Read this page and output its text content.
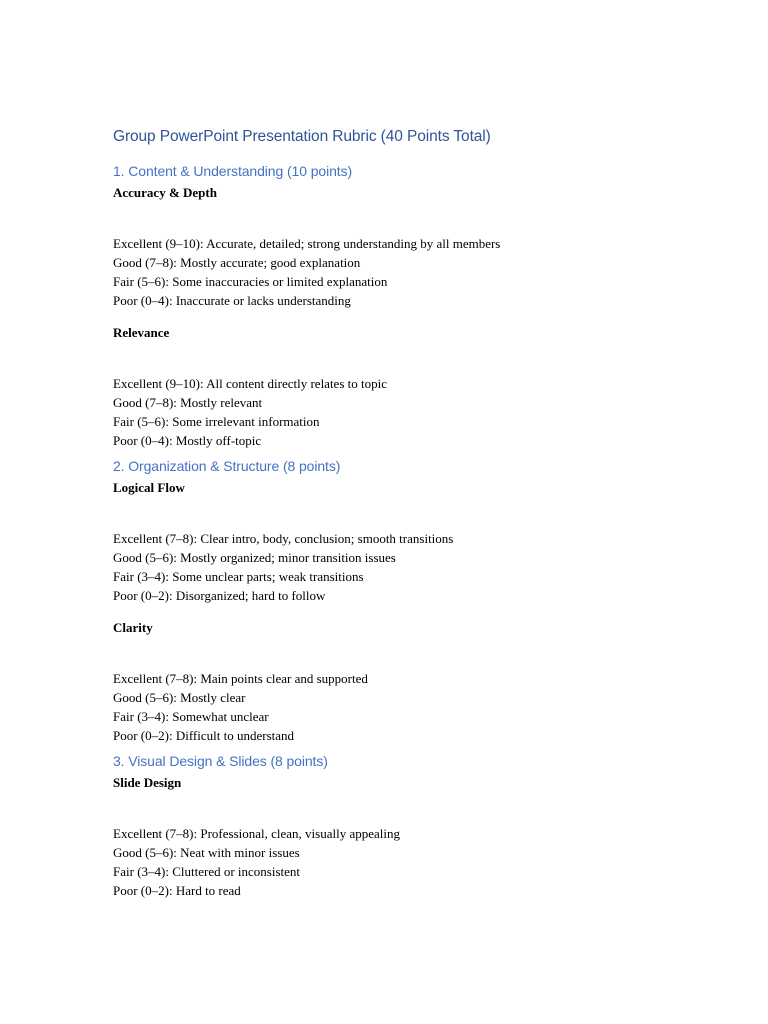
Group PowerPoint Presentation Rubric (40 Points Total)
1. Content & Understanding (10 points)

Accuracy & Depth

Excellent (9–10): Accurate, detailed; strong understanding by all members
Good (7–8): Mostly accurate; good explanation
Fair (5–6): Some inaccuracies or limited explanation
Poor (0–4): Inaccurate or lacks understanding

Relevance

Excellent (9–10): All content directly relates to topic
Good (7–8): Mostly relevant
Fair (5–6): Some irrelevant information
Poor (0–4): Mostly off-topic
2. Organization & Structure (8 points)

Logical Flow

Excellent (7–8): Clear intro, body, conclusion; smooth transitions
Good (5–6): Mostly organized; minor transition issues
Fair (3–4): Some unclear parts; weak transitions
Poor (0–2): Disorganized; hard to follow

Clarity

Excellent (7–8): Main points clear and supported
Good (5–6): Mostly clear
Fair (3–4): Somewhat unclear
Poor (0–2): Difficult to understand
3. Visual Design & Slides (8 points)

Slide Design

Excellent (7–8): Professional, clean, visually appealing
Good (5–6): Neat with minor issues
Fair (3–4): Cluttered or inconsistent
Poor (0–2): Hard to read
